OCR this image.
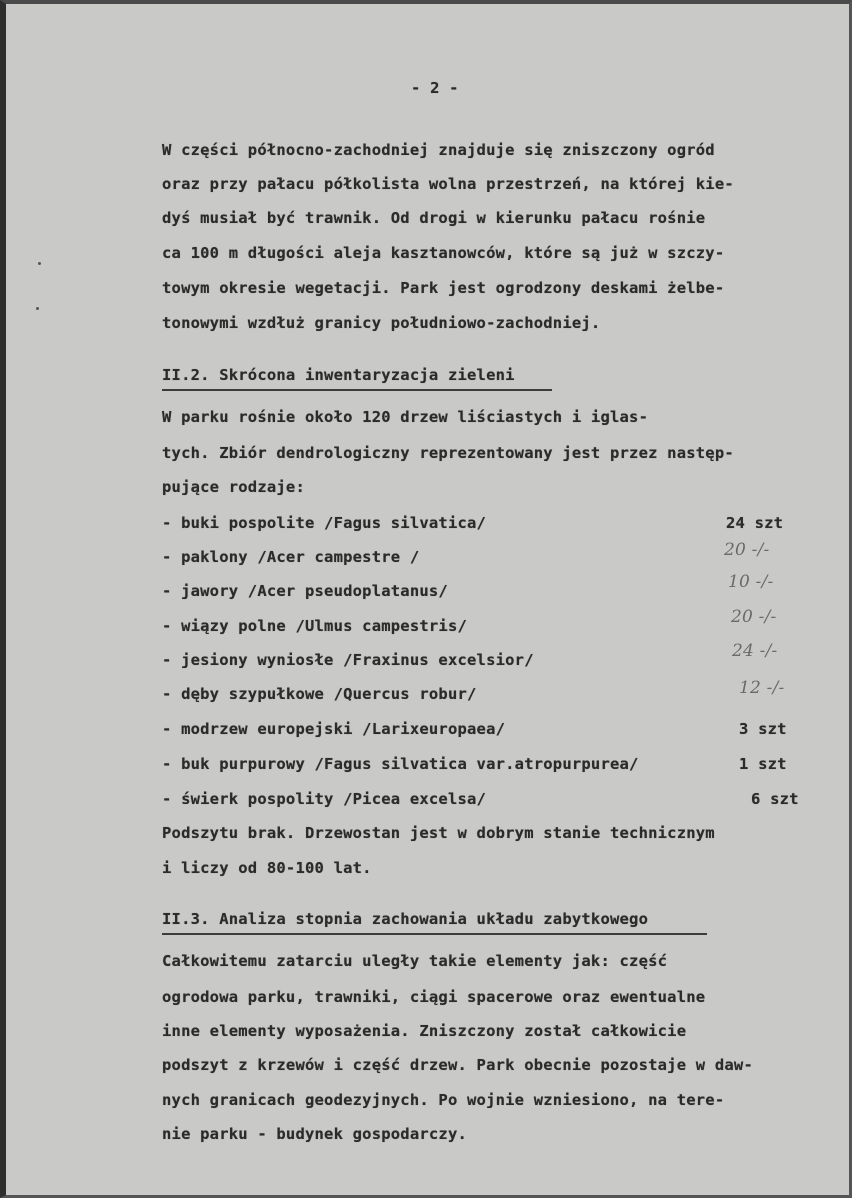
- 2 -
W części północno-zachodniej znajduje się zniszczony ogród
oraz przy pałacu półkolista wolna przestrzeń, na której kie-
dyś musiał być trawnik. Od drogi w kierunku pałacu rośnie
ca 100 m długości aleja kasztanowców, które są już w szczy-
towym okresie wegetacji. Park jest ogrodzony deskami żelbe-
tonowymi wzdłuż granicy południowo-zachodniej.
II.2. Skrócona inwentaryzacja zieleni
W parku rośnie około 120 drzew liściastych i iglas-
tych. Zbiór dendrologiczny reprezentowany jest przez następ-
pujące rodzaje:
- buki pospolite /Fagus silvatica/	24 szt
- paklony /Acer campestre /	20 -/-
- jawory /Acer pseudoplatanus/	10 -/-
- wiązy polne /Ulmus campestris/	20 -/-
- jesiony wyniosłe /Fraxinus excelsior/	24 -/-
- dęby szypułkowe /Quercus robur/	12 -/-
- modrzew europejski /Larixeuropaea/	3 szt
- buk purpurowy /Fagus silvatica var.atropurpurea/	1 szt
- świerk pospolity /Picea excelsa/	6 szt
Podszytu brak. Drzewostan jest w dobrym stanie technicznym
i liczy od 80-100 lat.
II.3. Analiza stopnia zachowania układu zabytkowego
Całkowitemu zatarciu uległy takie elementy jak: część
ogrodowa parku, trawniki, ciągi spacerowe oraz ewentualne
inne elementy wyposażenia. Zniszczony został całkowicie
podszyt z krzewów i część drzew. Park obecnie pozostaje w daw-
nych granicach geodezyjnych. Po wojnie wzniesiono, na tere-
nie parku - budynek gospodarczy.
